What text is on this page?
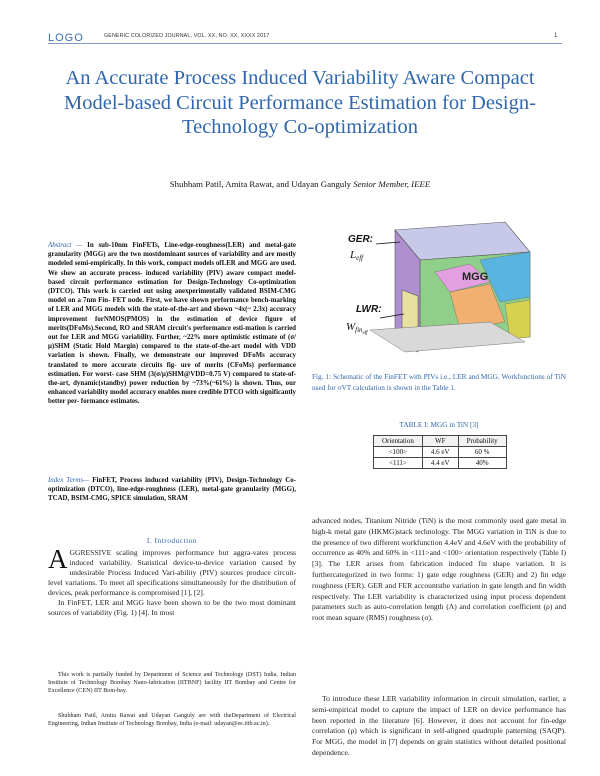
LOGO	GENERIC COLORIZED JOURNAL, VOL. XX, NO. XX, XXXX 2017	1
An Accurate Process Induced Variability Aware Compact Model-based Circuit Performance Estimation for Design-Technology Co-optimization
Shubham Patil, Amita Rawat, and Udayan Ganguly Senior Member, IEEE
Abstract — In sub-10nm FinFETs, Line-edge-roughness(LER) and metal-gate granularity (MGG) are the two mostdominant sources of variability and are mostly modeled semi-empirically. In this work, compact models ofLER and MGG are used. We show an accurate process- induced variability (PIV) aware compact model-based circuit performance estimation for Design-Technology Co-optimization (DTCO). This work is carried out using anexperimentally validated BSIM-CMG model on a 7nm Fin- FET node. First, we have shown performance bench-marking of LER and MGG models with the state-of-the-art and shown ~4x(~ 2.3x) accuracy improvement forNMOS(PMOS) in the estimation of device figure of merits(DFoMs).Second, RO and SRAM circuit's performance esti-mation is carried out for LER and MGG variability. Further, ~22% more optimistic estimate of (σ/μ)SHM (Static Hold Margin) compared to the state-of-the-art model with VDD variation is shown. Finally, we demonstrate our improved DFoMs accuracy translated to more accurate circuits fig- ure of merits (CFoMs) performance estimation. For worst- case SHM (3(σ/μ)SHM@VDD=0.75 V) compared to state-of- the-art, dynamic(standby) power reduction by ~73%(~61%) is shown. Thus, our enhanced variability model accuracy enables more credible DTCO with significantly better per- formance estimates.
Index Terms— FinFET, Process induced variability (PIV), Design-Technology Co-optimization (DTCO), line-edge-roughness (LER), metal-gate granularity (MGG), TCAD, BSIM-CMG, SPICE simulation, SRAM
I. Introduction
AGGRESSIVE scaling improves performance but aggra-vates process induced variability. Statistical device-to-device variation caused by undesirable Process Induced Vari-ability (PIV) sources produce circuit-level variations. To meet all specifications simultaneously for the distribution of devices, peak performance is compromised [1], [2].
In FinFET, LER and MGG have been shown to be the two most dominant sources of variability (Fig. 1) [4]. In most
This work is partially funded by Department of Science and Technology (DST) India. Indian Institute of Technology Bombay Nano-fabrication (IITBNF) facility IIT Bombay and Centre for Excellence (CEN) IIT Bom-bay.
Shubham Patil, Amita Rawat and Udayan Ganguly are with theDepartment of Electrical Engineering, Indian Institute of Technology Bombay, India (e-mail: udayan@ee.iitb.ac.in).
GER:
Leff
MGG
LWR:
Wfineff
Fig. 1: Schematic of the FinFET with PIVs i.e., LER and MGG. Workfunctions of TiN used for σVT calculation is shown in the Table 1.
TABLE I: MGG in TiN [3]
Orientation	WF	Probability
<100>	4.6 eV	60 %
<111>	4.4 eV	40%
advanced nodes, Titanium Nitride (TiN) is the most commonly used gate metal in high-k metal gate (HKMG)stack technology. The MGG variation in TiN is due to the presence of two different workfunction 4.4eV and 4.6eV with the probability of occurrence as 40% and 60% in <111>and <100> orientation respectively (Table I) [3]. The LER arises from fabrication induced fin shape variation. It is furthercategorized in two forms: 1) gate edge roughness (GER) and 2) fin edge roughness (FER). GER and FER accountsthe variation in gate length and fin width respectively. The LER variability is characterized using input process dependent parameters such as auto-correlation length (Λ) and correlation coefficient (ρ) and root mean square (RMS) roughness (σ).
To introduce these LER variability information in circuit simulation, earlier, a semi-empirical model to capture the impact of LER on device performance has been reported in the literature [6]. However, it does not account for fin-edge correlation (ρ) which is significant in self-aligned quadruple patterning (SAQP). For MGG, the model in [7] depends on grain statistics without detailed positional dependence.
